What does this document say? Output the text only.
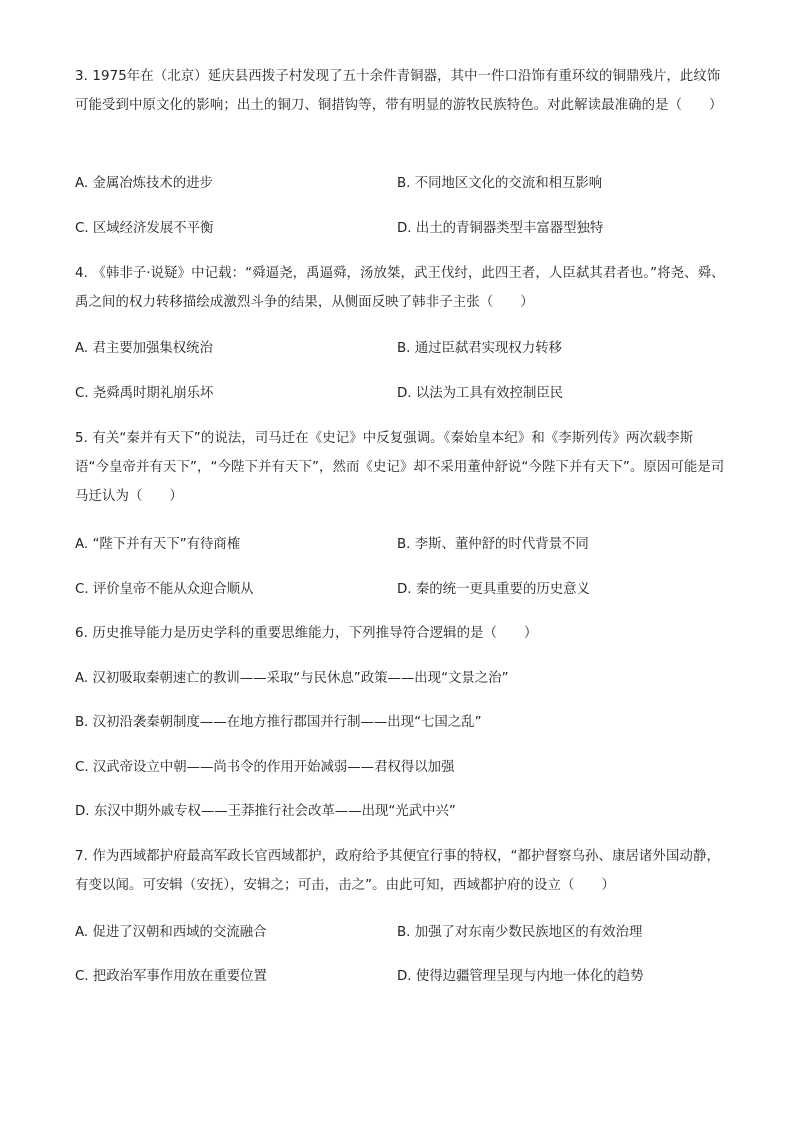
3. 1975年在（北京）延庆县西拨子村发现了五十余件青铜器，其中一件口沿饰有重环纹的铜鼎残片，此纹饰可能受到中原文化的影响；出土的铜刀、铜措钩等，带有明显的游牧民族特色。对此解读最准确的是（　　）

A. 金属冶炼技术的进步	B. 不同地区文化的交流和相互影响
C. 区域经济发展不平衡	D. 出土的青铜器类型丰富器型独特

4. 《韩非子·说疑》中记载：“舜逼尧，禹逼舜，汤放桀，武王伐纣，此四王者，人臣弑其君者也。”将尧、舜、禹之间的权力转移描绘成激烈斗争的结果，从侧面反映了韩非子主张（　　）

A. 君主要加强集权统治	B. 通过臣弑君实现权力转移
C. 尧舜禹时期礼崩乐坏	D. 以法为工具有效控制臣民

5. 有关“秦并有天下”的说法，司马迁在《史记》中反复强调。《秦始皇本纪》和《李斯列传》两次载李斯语“今皇帝并有天下”，“今陛下并有天下”，然而《史记》却不采用董仲舒说“今陛下并有天下”。原因可能是司马迁认为（　　）

A. “陛下并有天下”有待商榷	B. 李斯、董仲舒的时代背景不同
C. 评价皇帝不能从众迎合顺从	D. 秦的统一更具重要的历史意义

6. 历史推导能力是历史学科的重要思维能力，下列推导符合逻辑的是（　　）

A. 汉初吸取秦朝速亡的教训——采取“与民休息”政策——出现“文景之治”
B. 汉初沿袭秦朝制度——在地方推行郡国并行制——出现“七国之乱”
C. 汉武帝设立中朝——尚书令的作用开始减弱——君权得以加强
D. 东汉中期外戚专权——王莽推行社会改革——出现“光武中兴”

7. 作为西域都护府最高军政长官西域都护，政府给予其便宜行事的特权，“都护督察乌孙、康居诸外国动静，有变以闻。可安辑（安抚），安辑之；可击，击之”。由此可知，西域都护府的设立（　　）

A. 促进了汉朝和西域的交流融合	B. 加强了对东南少数民族地区的有效治理
C. 把政治军事作用放在重要位置	D. 使得边疆管理呈现与内地一体化的趋势
